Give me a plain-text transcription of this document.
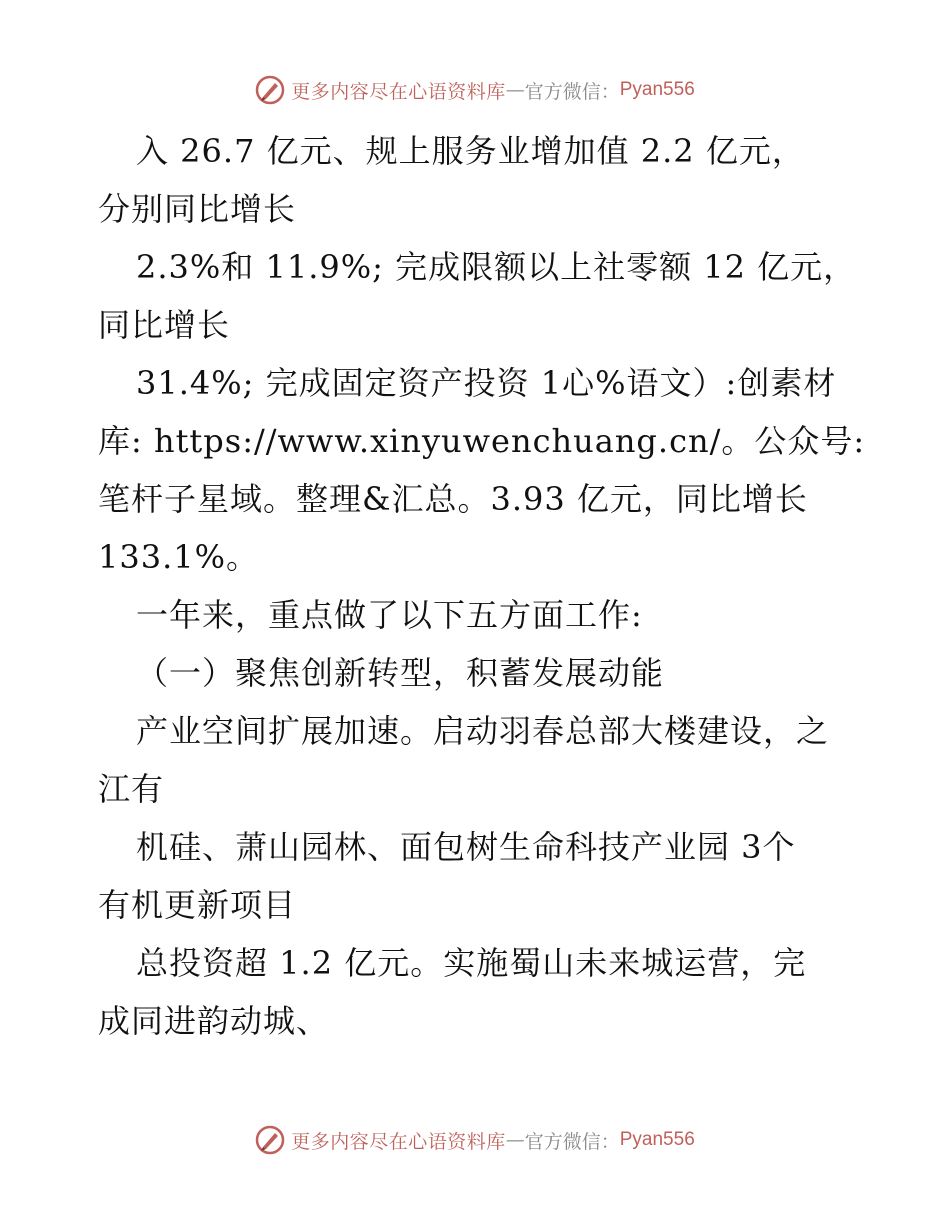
更多内容尽在心语资料库 — 官方微信： Pyan556
入 26.7 亿元、规上服务业增加值 2.2 亿元，
分别同比增长
2.3%和 11.9%; 完成限额以上社零额 12 亿元，
同比增长
31.4%; 完成固定资产投资 1心%语文）:创素材
库: https://www.xinyuwenchuang.cn/。公众号:
笔杆子星域。整理&汇总。3.93 亿元，同比增长
133.1%。
一年来，重点做了以下五方面工作:
（一）聚焦创新转型，积蓄发展动能
产业空间扩展加速。启动羽春总部大楼建设，之
江有
机硅、萧山园林、面包树生命科技产业园 3个
有机更新项目
总投资超 1.2 亿元。实施蜀山未来城运营，完
成同进韵动城、
更多内容尽在心语资料库 — 官方微信： Pyan556
